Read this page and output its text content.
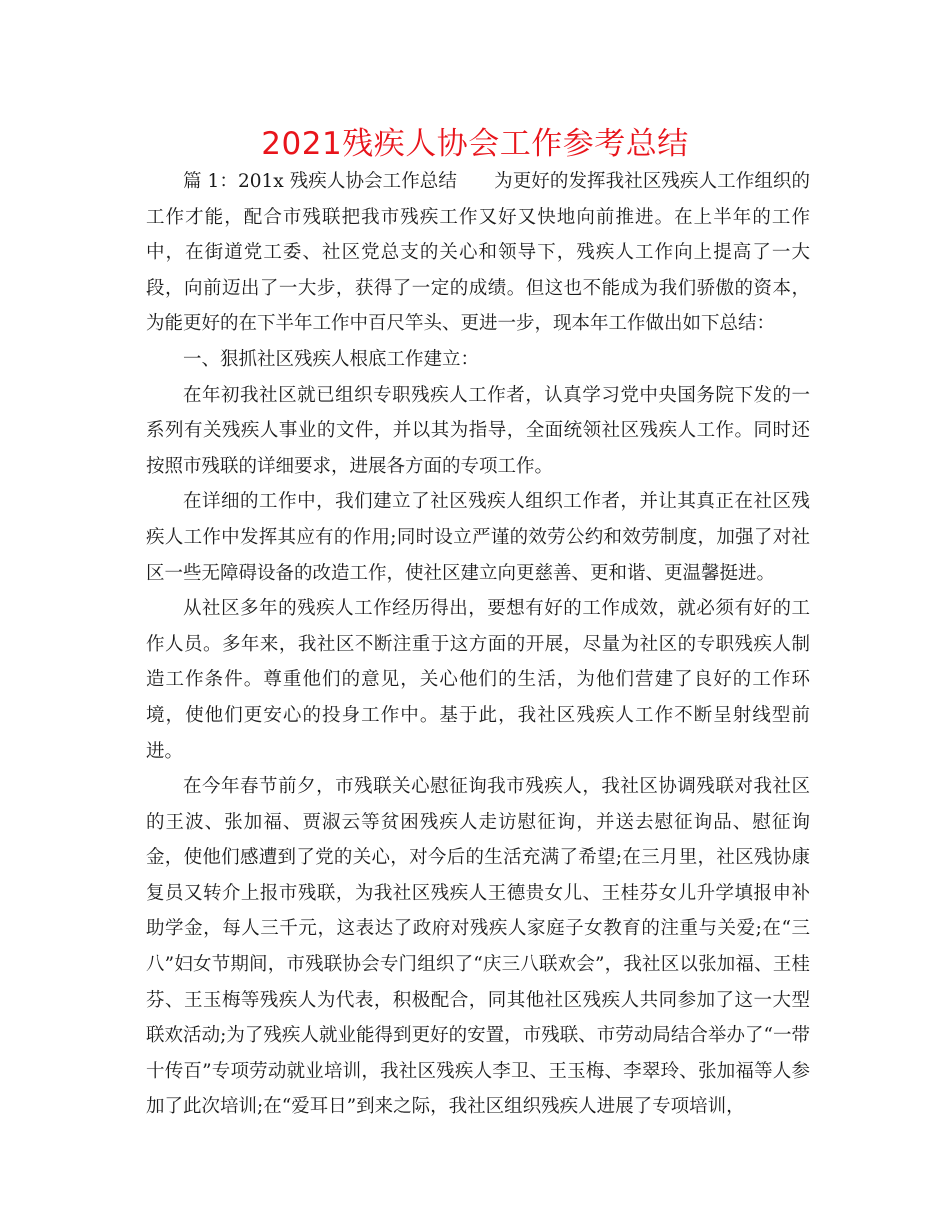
2021残疾人协会工作参考总结

篇 1：201x 残疾人协会工作总结　　为更好的发挥我社区残疾人工作组织的工作才能，配合市残联把我市残疾工作又好又快地向前推进。在上半年的工作中，在街道党工委、社区党总支的关心和领导下，残疾人工作向上提高了一大段，向前迈出了一大步，获得了一定的成绩。但这也不能成为我们骄傲的资本，为能更好的在下半年工作中百尺竿头、更进一步，现本年工作做出如下总结：

一、狠抓社区残疾人根底工作建立：

在年初我社区就已组织专职残疾人工作者，认真学习党中央国务院下发的一系列有关残疾人事业的文件，并以其为指导，全面统领社区残疾人工作。同时还按照市残联的详细要求，进展各方面的专项工作。

在详细的工作中，我们建立了社区残疾人组织工作者，并让其真正在社区残疾人工作中发挥其应有的作用;同时设立严谨的效劳公约和效劳制度，加强了对社区一些无障碍设备的改造工作，使社区建立向更慈善、更和谐、更温馨挺进。

从社区多年的残疾人工作经历得出，要想有好的工作成效，就必须有好的工作人员。多年来，我社区不断注重于这方面的开展，尽量为社区的专职残疾人制造工作条件。尊重他们的意见，关心他们的生活，为他们营建了良好的工作环境，使他们更安心的投身工作中。基于此，我社区残疾人工作不断呈射线型前进。

在今年春节前夕，市残联关心慰征询我市残疾人，我社区协调残联对我社区的王波、张加福、贾淑云等贫困残疾人走访慰征询，并送去慰征询品、慰征询金，使他们感遭到了党的关心，对今后的生活充满了希望;在三月里，社区残协康复员又转介上报市残联，为我社区残疾人王德贵女儿、王桂芬女儿升学填报申补助学金，每人三千元，这表达了政府对残疾人家庭子女教育的注重与关爱;在“三八”妇女节期间，市残联协会专门组织了“庆三八联欢会”，我社区以张加福、王桂芬、王玉梅等残疾人为代表，积极配合，同其他社区残疾人共同参加了这一大型联欢活动;为了残疾人就业能得到更好的安置，市残联、市劳动局结合举办了“一带十传百”专项劳动就业培训，我社区残疾人李卫、王玉梅、李翠玲、张加福等人参加了此次培训;在“爱耳日”到来之际，我社区组织残疾人进展了专项培训，
